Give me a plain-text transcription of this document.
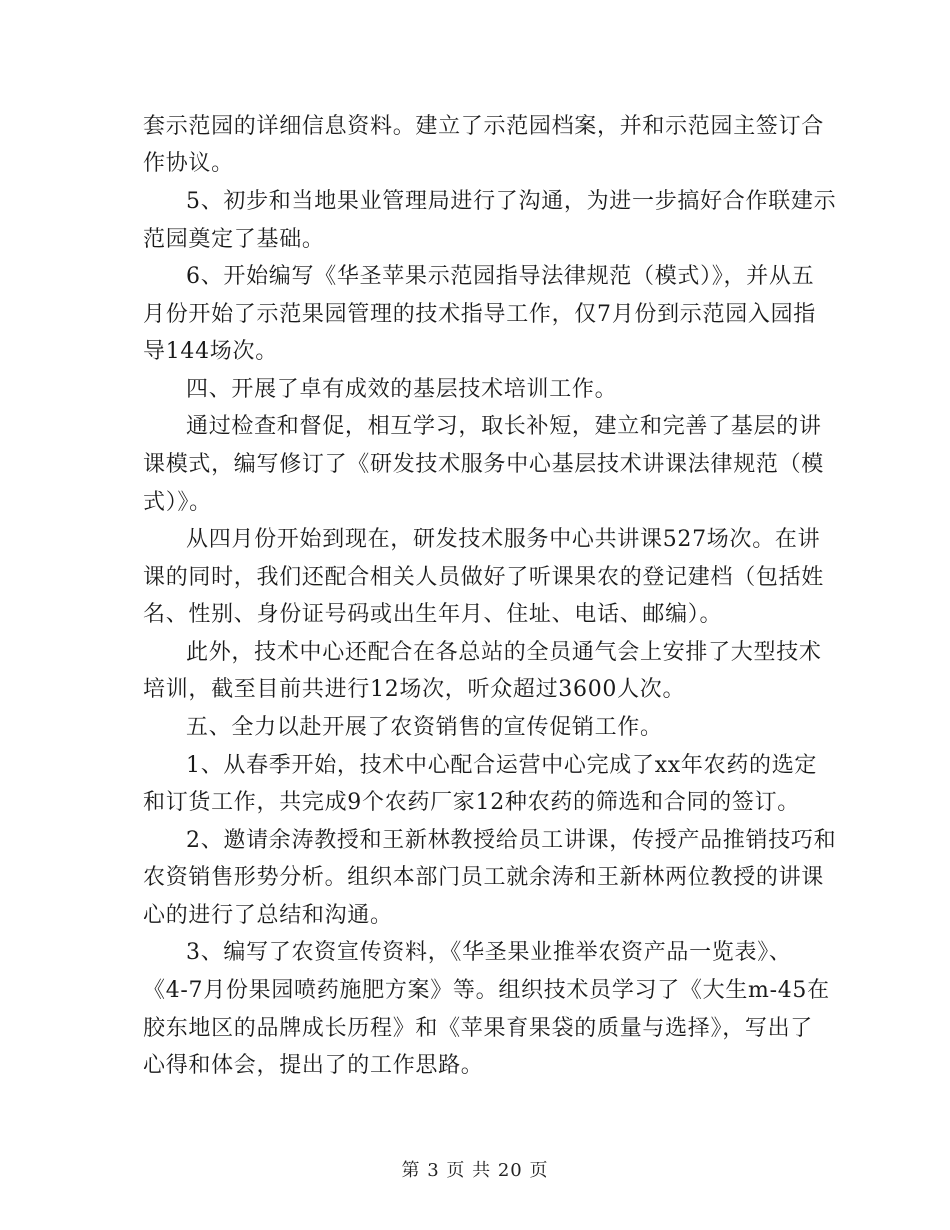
套示范园的详细信息资料。建立了示范园档案，并和示范园主签订合
作协议。
5、初步和当地果业管理局进行了沟通，为进一步搞好合作联建示
范园奠定了基础。
6、开始编写《华圣苹果示范园指导法律规范（模式）》，并从五
月份开始了示范果园管理的技术指导工作，仅7月份到示范园入园指
导144场次。
四、开展了卓有成效的基层技术培训工作。
通过检查和督促，相互学习，取长补短，建立和完善了基层的讲
课模式，编写修订了《研发技术服务中心基层技术讲课法律规范（模
式）》。
从四月份开始到现在，研发技术服务中心共讲课527场次。在讲
课的同时，我们还配合相关人员做好了听课果农的登记建档（包括姓
名、性别、身份证号码或出生年月、住址、电话、邮编）。
此外，技术中心还配合在各总站的全员通气会上安排了大型技术
培训，截至目前共进行12场次，听众超过3600人次。
五、全力以赴开展了农资销售的宣传促销工作。
1、从春季开始，技术中心配合运营中心完成了xx年农药的选定
和订货工作，共完成9个农药厂家12种农药的筛选和合同的签订。
2、邀请余涛教授和王新林教授给员工讲课，传授产品推销技巧和
农资销售形势分析。组织本部门员工就余涛和王新林两位教授的讲课
心的进行了总结和沟通。
3、编写了农资宣传资料，《华圣果业推举农资产品一览表》、
《4-7月份果园喷药施肥方案》等。组织技术员学习了《大生m-45在
胶东地区的品牌成长历程》和《苹果育果袋的质量与选择》，写出了
心得和体会，提出了的工作思路。
第 3 页 共 20 页
